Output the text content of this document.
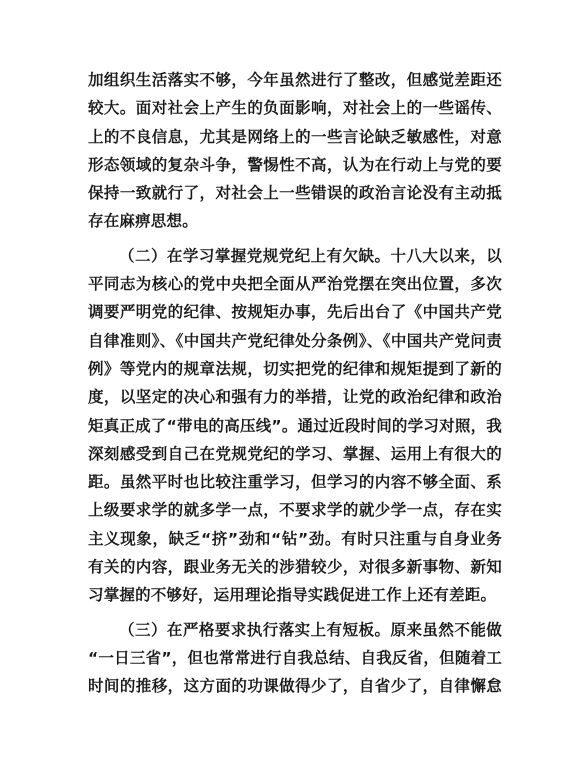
加组织生活落实不够，今年虽然进行了整改，但感觉差距还
较大。面对社会上产生的负面影响，对社会上的一些谣传、
上的不良信息，尤其是网络上的一些言论缺乏敏感性，对意
形态领域的复杂斗争，警惕性不高，认为在行动上与党的要
保持一致就行了，对社会上一些错误的政治言论没有主动抵
存在麻痹思想。
（二）在学习掌握党规党纪上有欠缺。十八大以来，以
平同志为核心的党中央把全面从严治党摆在突出位置，多次
调要严明党的纪律、按规矩办事，先后出台了《中国共产党
自律准则》、《中国共产党纪律处分条例》、《中国共产党问责
例》等党内的规章法规，切实把党的纪律和规矩提到了新的
度，以坚定的决心和强有力的举措，让党的政治纪律和政治
矩真正成了“带电的高压线”。通过近段时间的学习对照，我
深刻感受到自己在党规党纪的学习、掌握、运用上有很大的
距。虽然平时也比较注重学习，但学习的内容不够全面、系
上级要求学的就多学一点，不要求学的就少学一点，存在实
主义现象，缺乏“挤”劲和“钻”劲。有时只注重与自身业务
有关的内容，跟业务无关的涉猎较少，对很多新事物、新知
习掌握的不够好，运用理论指导实践促进工作上还有差距。
（三）在严格要求执行落实上有短板。原来虽然不能做
“一日三省”，但也常常进行自我总结、自我反省，但随着工
时间的推移，这方面的功课做得少了，自省少了，自律懈怠
